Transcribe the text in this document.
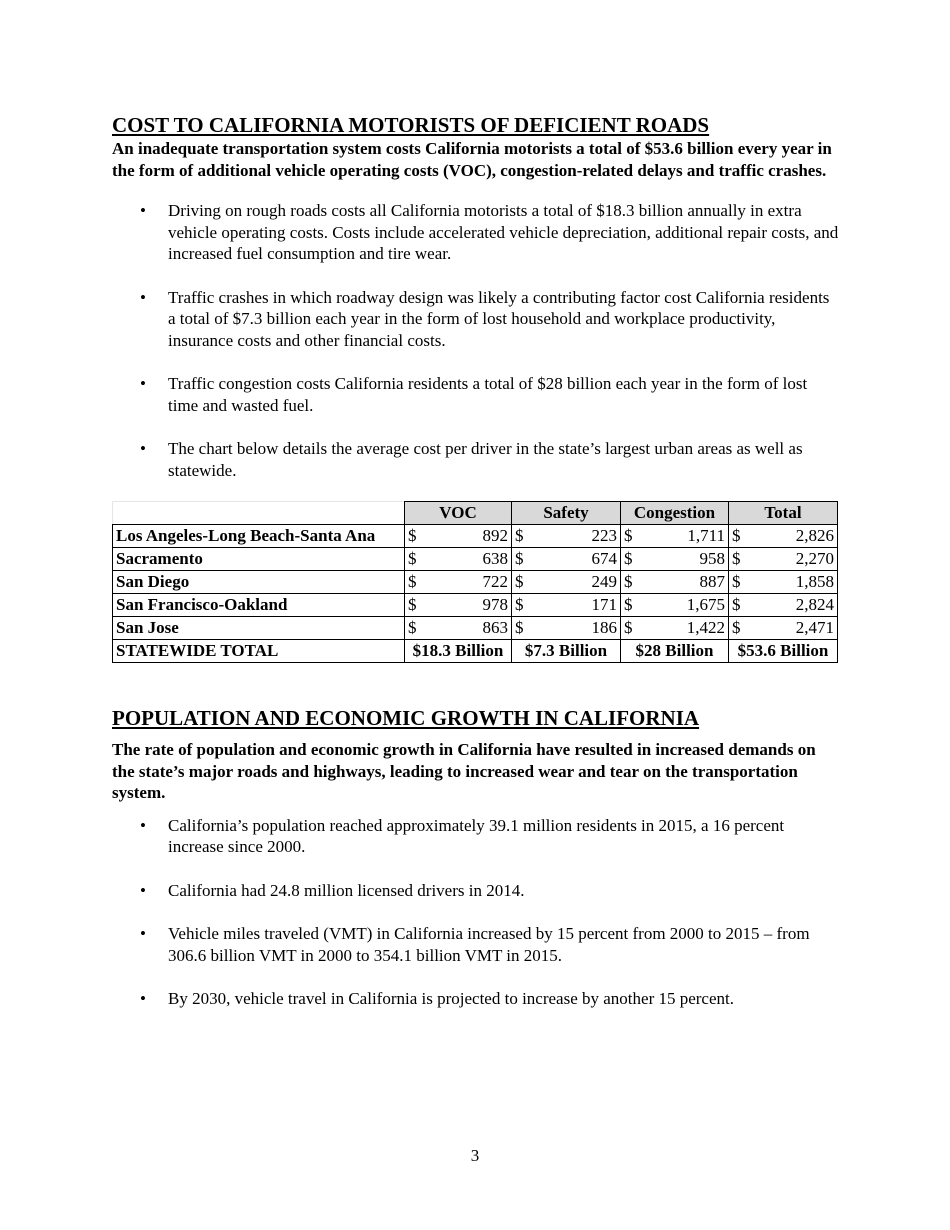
COST TO CALIFORNIA MOTORISTS OF DEFICIENT ROADS

An inadequate transportation system costs California motorists a total of $53.6 billion every year in the form of additional vehicle operating costs (VOC), congestion-related delays and traffic crashes.

• Driving on rough roads costs all California motorists a total of $18.3 billion annually in extra vehicle operating costs. Costs include accelerated vehicle depreciation, additional repair costs, and increased fuel consumption and tire wear.
• Traffic crashes in which roadway design was likely a contributing factor cost California residents a total of $7.3 billion each year in the form of lost household and workplace productivity, insurance costs and other financial costs.
• Traffic congestion costs California residents a total of $28 billion each year in the form of lost time and wasted fuel.
• The chart below details the average cost per driver in the state’s largest urban areas as well as statewide.
	VOC	Safety	Congestion	Total
Los Angeles-Long Beach-Santa Ana	$ 892	$ 223	$ 1,711	$ 2,826

Sacramento	$ 638	$ 674	$ 958	$ 2,270

San Diego	$ 722	$ 249	$ 887	$ 1,858

San Francisco-Oakland	$ 978	$ 171	$ 1,675	$ 2,824

San Jose	$ 863	$ 186	$ 1,422	$ 2,471

STATEWIDE TOTAL	$18.3 Billion	$7.3 Billion	$28 Billion	$53.6 Billion
POPULATION AND ECONOMIC GROWTH IN CALIFORNIA

The rate of population and economic growth in California have resulted in increased demands on the state’s major roads and highways, leading to increased wear and tear on the transportation system.

• California’s population reached approximately 39.1 million residents in 2015, a 16 percent increase since 2000.
• California had 24.8 million licensed drivers in 2014.
• Vehicle miles traveled (VMT) in California increased by 15 percent from 2000 to 2015 – from 306.6 billion VMT in 2000 to 354.1 billion VMT in 2015.
• By 2030, vehicle travel in California is projected to increase by another 15 percent.
3
